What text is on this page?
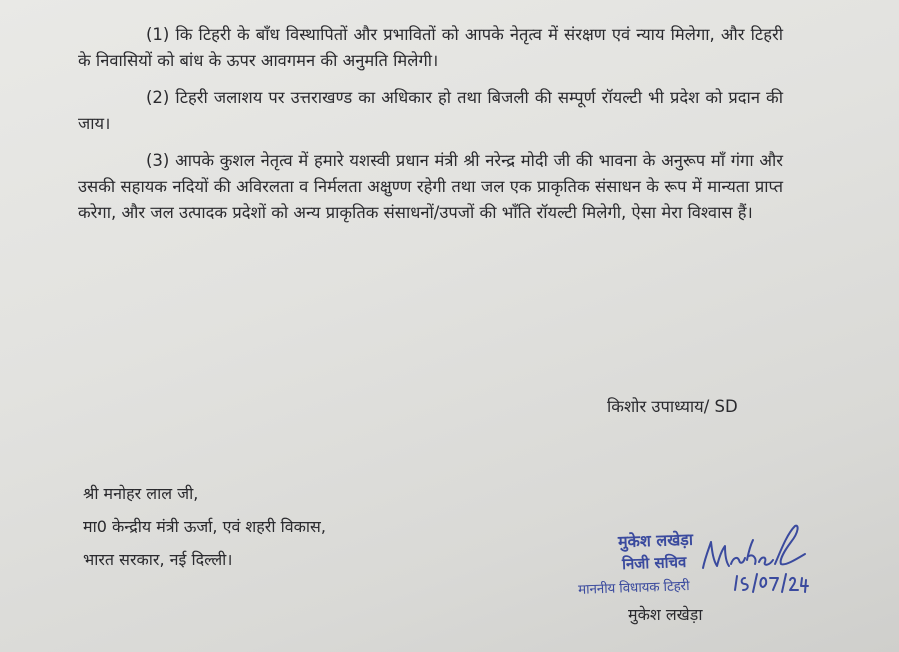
(1) कि टिहरी के बाँध विस्थापितों और प्रभावितों को आपके नेतृत्व में संरक्षण एवं न्याय मिलेगा, और टिहरी के निवासियों को बांध के ऊपर आवगमन की अनुमति मिलेगी।

(2) टिहरी जलाशय पर उत्तराखण्ड का अधिकार हो तथा बिजली की सम्पूर्ण रॉयल्टी भी प्रदेश को प्रदान की जाय।

(3) आपके कुशल नेतृत्व में हमारे यशस्वी प्रधान मंत्री श्री नरेन्द्र मोदी जी की भावना के अनुरूप माँ गंगा और उसकी सहायक नदियों की अविरलता व निर्मलता अक्षुण्ण रहेगी तथा जल एक प्राकृतिक संसाधन के रूप में मान्यता प्राप्त करेगा, और जल उत्पादक प्रदेशों को अन्य प्राकृतिक संसाधनों/उपजों की भाँति रॉयल्टी मिलेगी, ऐसा मेरा विश्वास हैं।

किशोर उपाध्याय/ SD
श्री मनोहर लाल जी,
मा0 केन्द्रीय मंत्री ऊर्जा, एवं शहरी विकास,
भारत सरकार, नई दिल्ली।
मुकेश लखेड़ा
निजी सचिव
माननीय विधायक टिहरी
मुकेश लखेड़ा
